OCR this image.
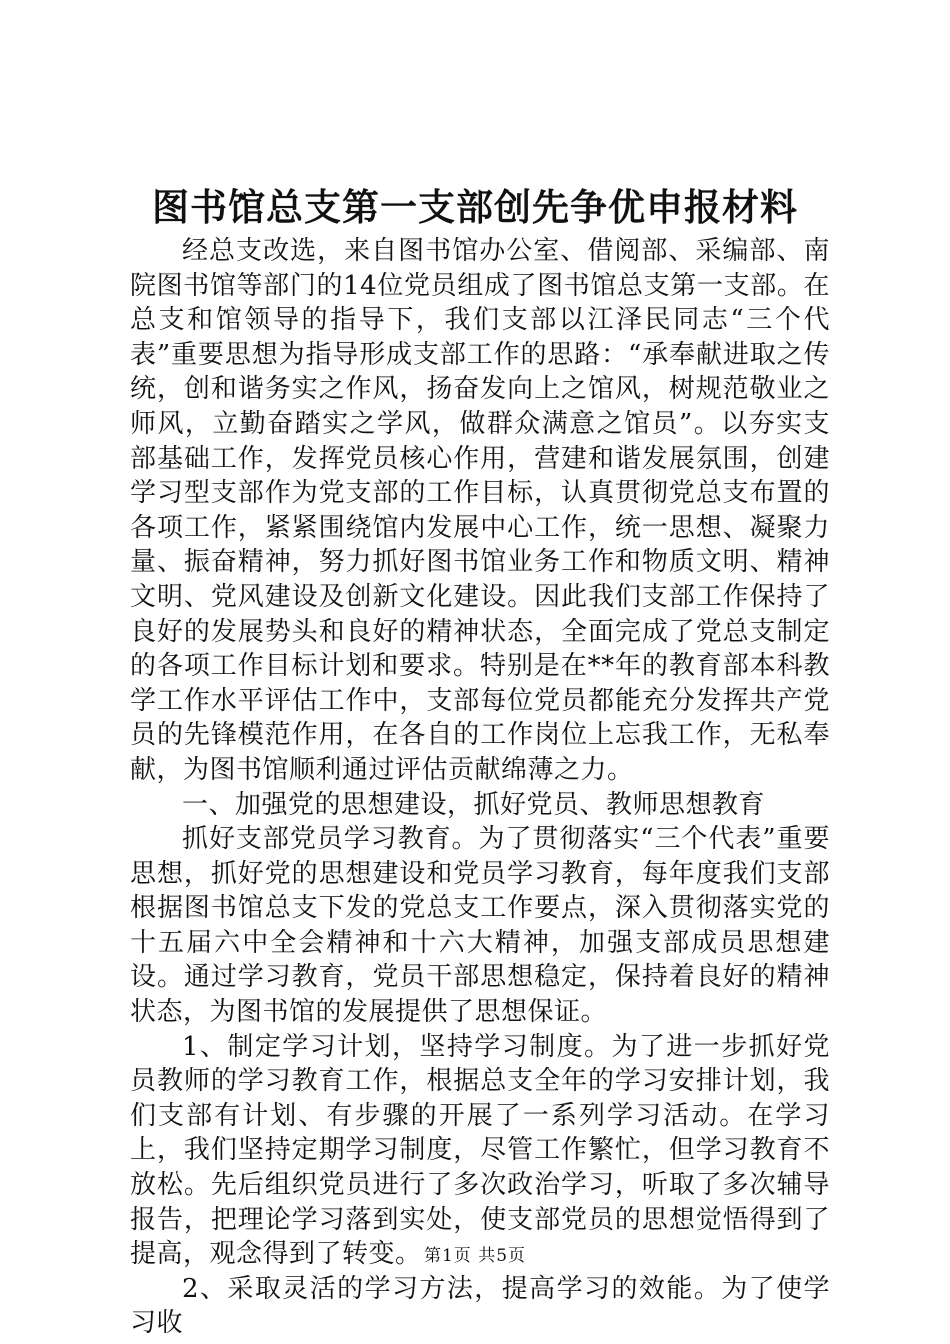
图书馆总支第一支部创先争优申报材料

经总支改选，来自图书馆办公室、借阅部、采编部、南院图书馆等部门的14位党员组成了图书馆总支第一支部。在总支和馆领导的指导下，我们支部以江泽民同志“三个代表”重要思想为指导形成支部工作的思路：“承奉献进取之传统，创和谐务实之作风，扬奋发向上之馆风，树规范敬业之师风，立勤奋踏实之学风，做群众满意之馆员”。以夯实支部基础工作，发挥党员核心作用，营建和谐发展氛围，创建学习型支部作为党支部的工作目标，认真贯彻党总支布置的各项工作，紧紧围绕馆内发展中心工作，统一思想、凝聚力量、振奋精神，努力抓好图书馆业务工作和物质文明、精神文明、党风建设及创新文化建设。因此我们支部工作保持了良好的发展势头和良好的精神状态，全面完成了党总支制定的各项工作目标计划和要求。特别是在**年的教育部本科教学工作水平评估工作中，支部每位党员都能充分发挥共产党员的先锋模范作用，在各自的工作岗位上忘我工作，无私奉献，为图书馆顺利通过评估贡献绵薄之力。

一、加强党的思想建设，抓好党员、教师思想教育

抓好支部党员学习教育。为了贯彻落实“三个代表”重要思想，抓好党的思想建设和党员学习教育，每年度我们支部根据图书馆总支下发的党总支工作要点，深入贯彻落实党的十五届六中全会精神和十六大精神，加强支部成员思想建设。通过学习教育，党员干部思想稳定，保持着良好的精神状态，为图书馆的发展提供了思想保证。

1、制定学习计划，坚持学习制度。为了进一步抓好党员教师的学习教育工作，根据总支全年的学习安排计划，我们支部有计划、有步骤的开展了一系列学习活动。在学习上，我们坚持定期学习制度，尽管工作繁忙，但学习教育不放松。先后组织党员进行了多次政治学习，听取了多次辅导报告，把理论学习落到实处，使支部党员的思想觉悟得到了提高，观念得到了转变。

2、采取灵活的学习方法，提高学习的效能。为了使学习收

第1页 共5页
